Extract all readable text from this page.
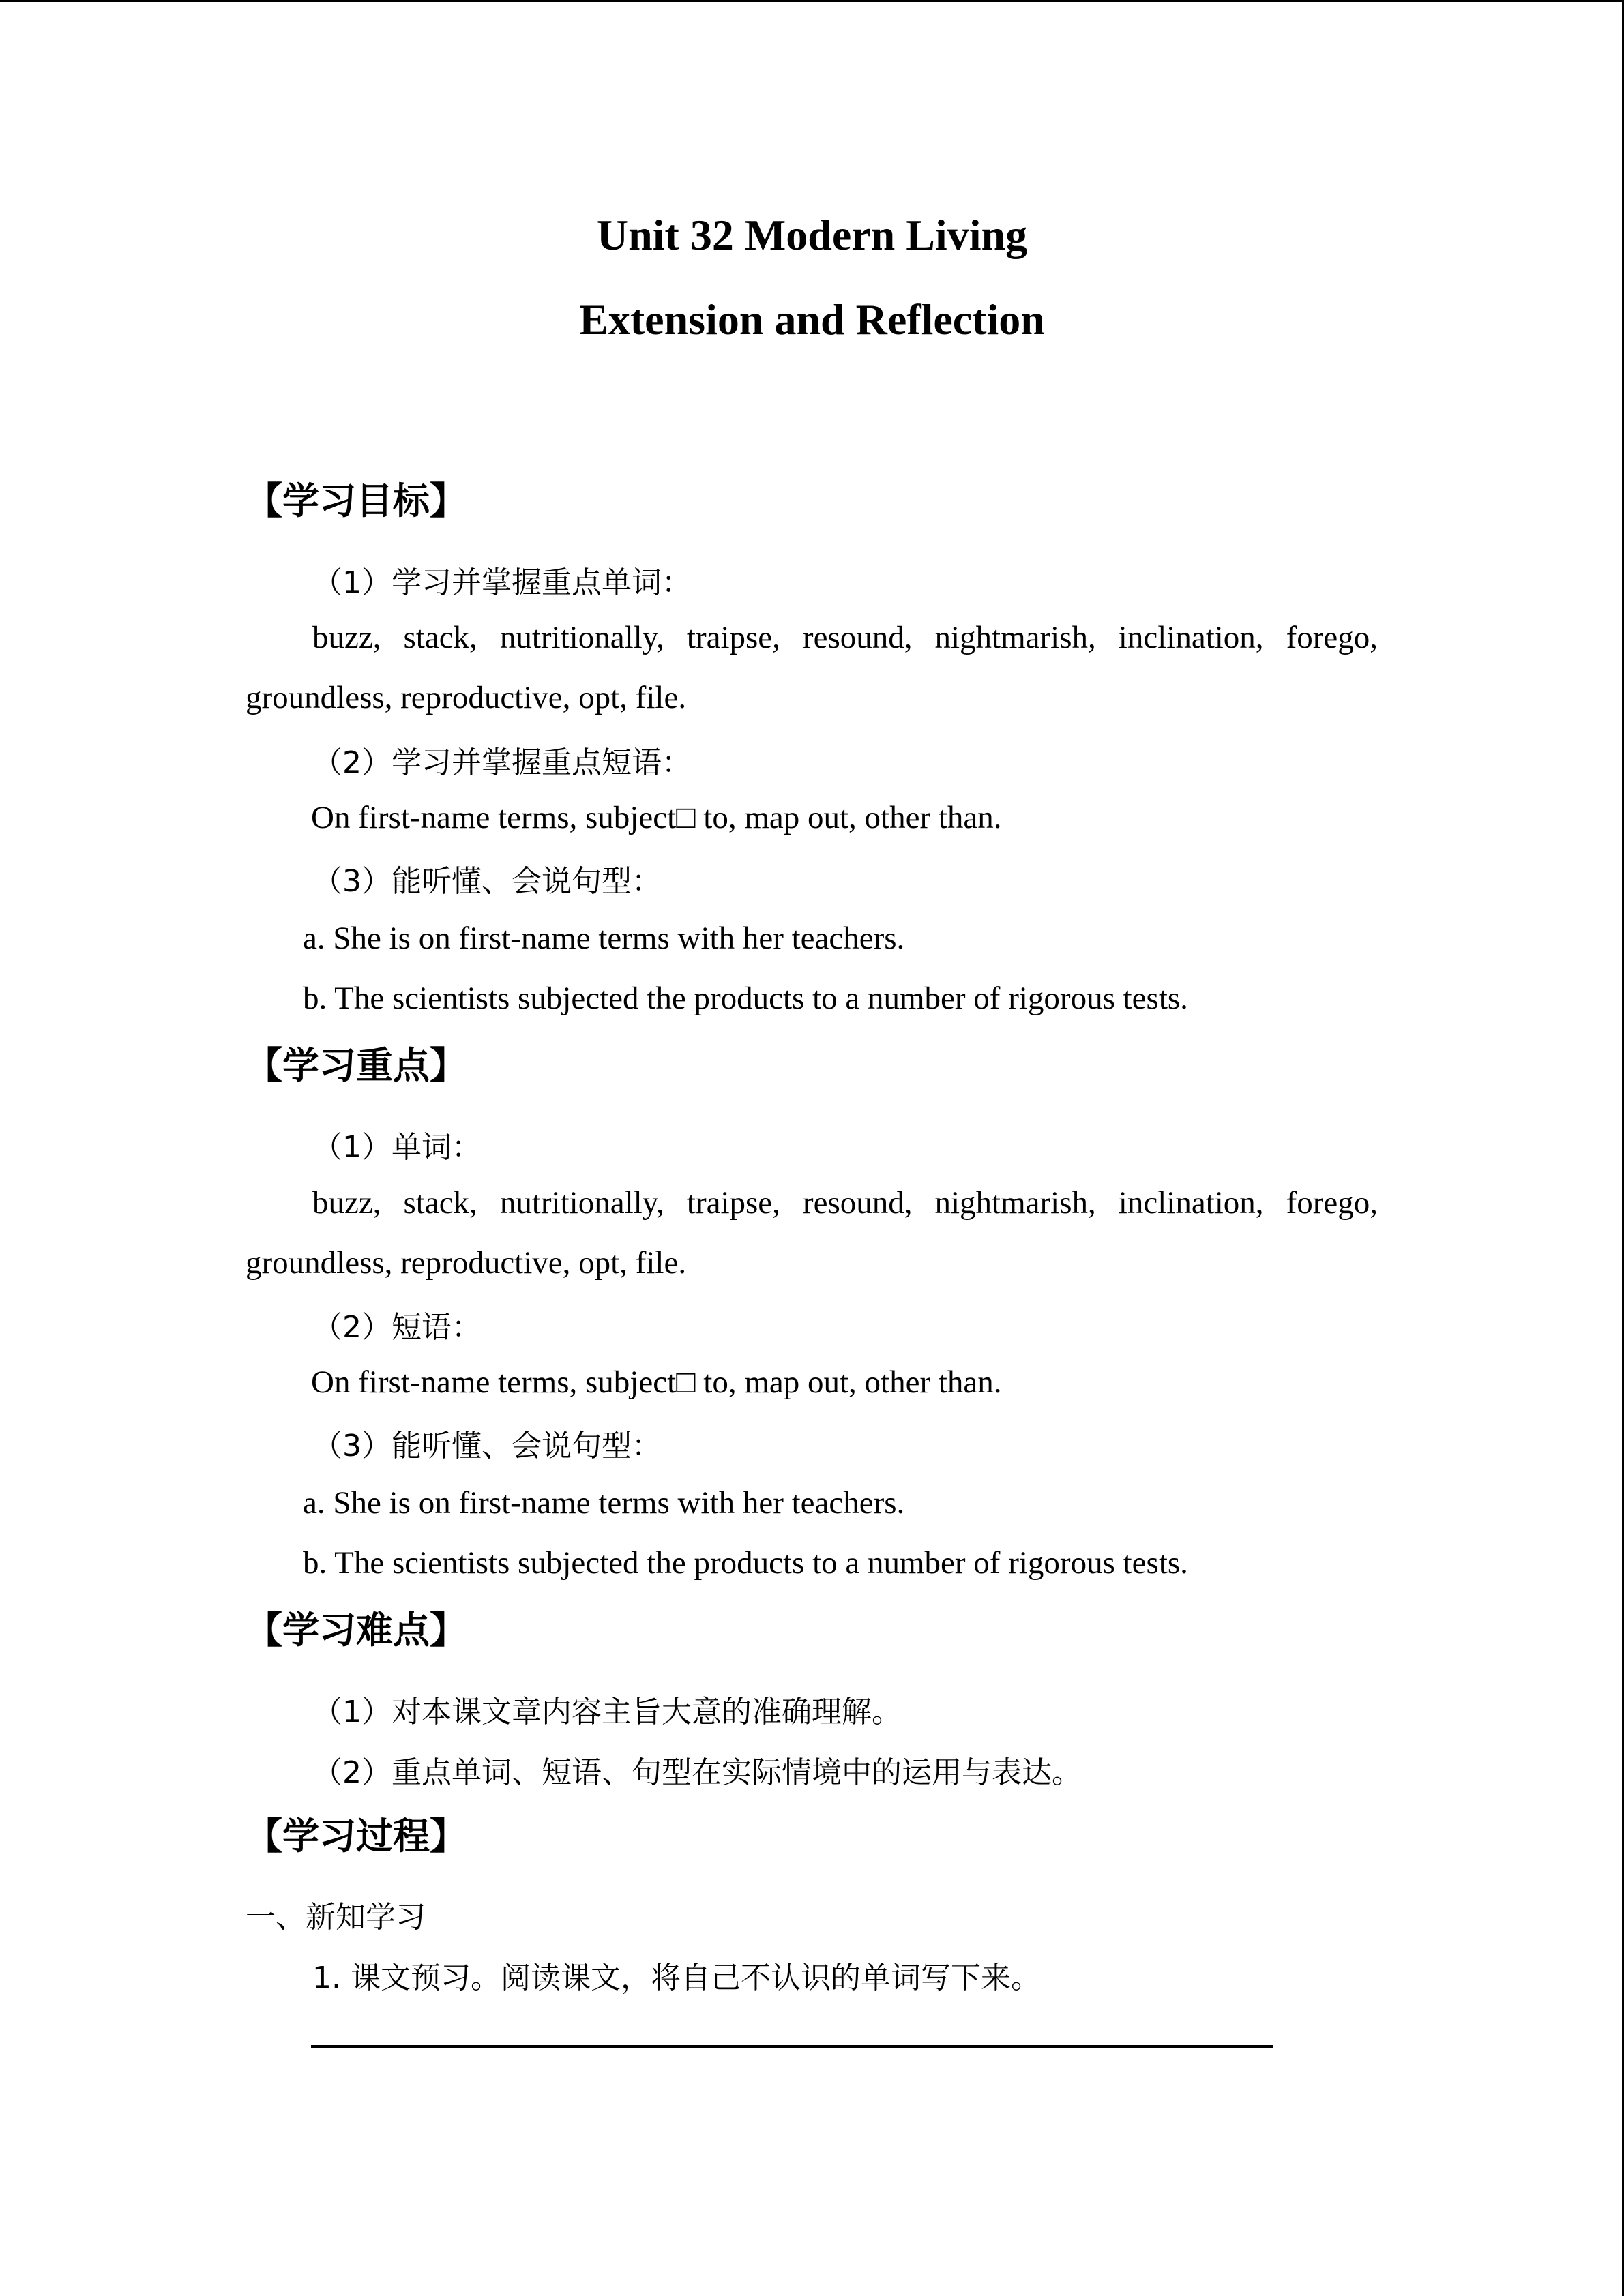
Unit 32 Modern Living
Extension and Reflection
【学习目标】
（1）学习并掌握重点单词：
buzz, stack, nutritionally, traipse, resound, nightmarish, inclination, forego,
groundless, reproductive, opt, file.
（2）学习并掌握重点短语：
On first-name terms, subject□ to, map out, other than.
（3）能听懂、会说句型：
a. She is on first-name terms with her teachers.
b. The scientists subjected the products to a number of rigorous tests.
【学习重点】
（1）单词：
buzz, stack, nutritionally, traipse, resound, nightmarish, inclination, forego,
groundless, reproductive, opt, file.
（2）短语：
On first-name terms, subject□ to, map out, other than.
（3）能听懂、会说句型：
a. She is on first-name terms with her teachers.
b. The scientists subjected the products to a number of rigorous tests.
【学习难点】
（1）对本课文章内容主旨大意的准确理解。
（2）重点单词、短语、句型在实际情境中的运用与表达。
【学习过程】
一、新知学习
1. 课文预习。阅读课文，将自己不认识的单词写下来。
